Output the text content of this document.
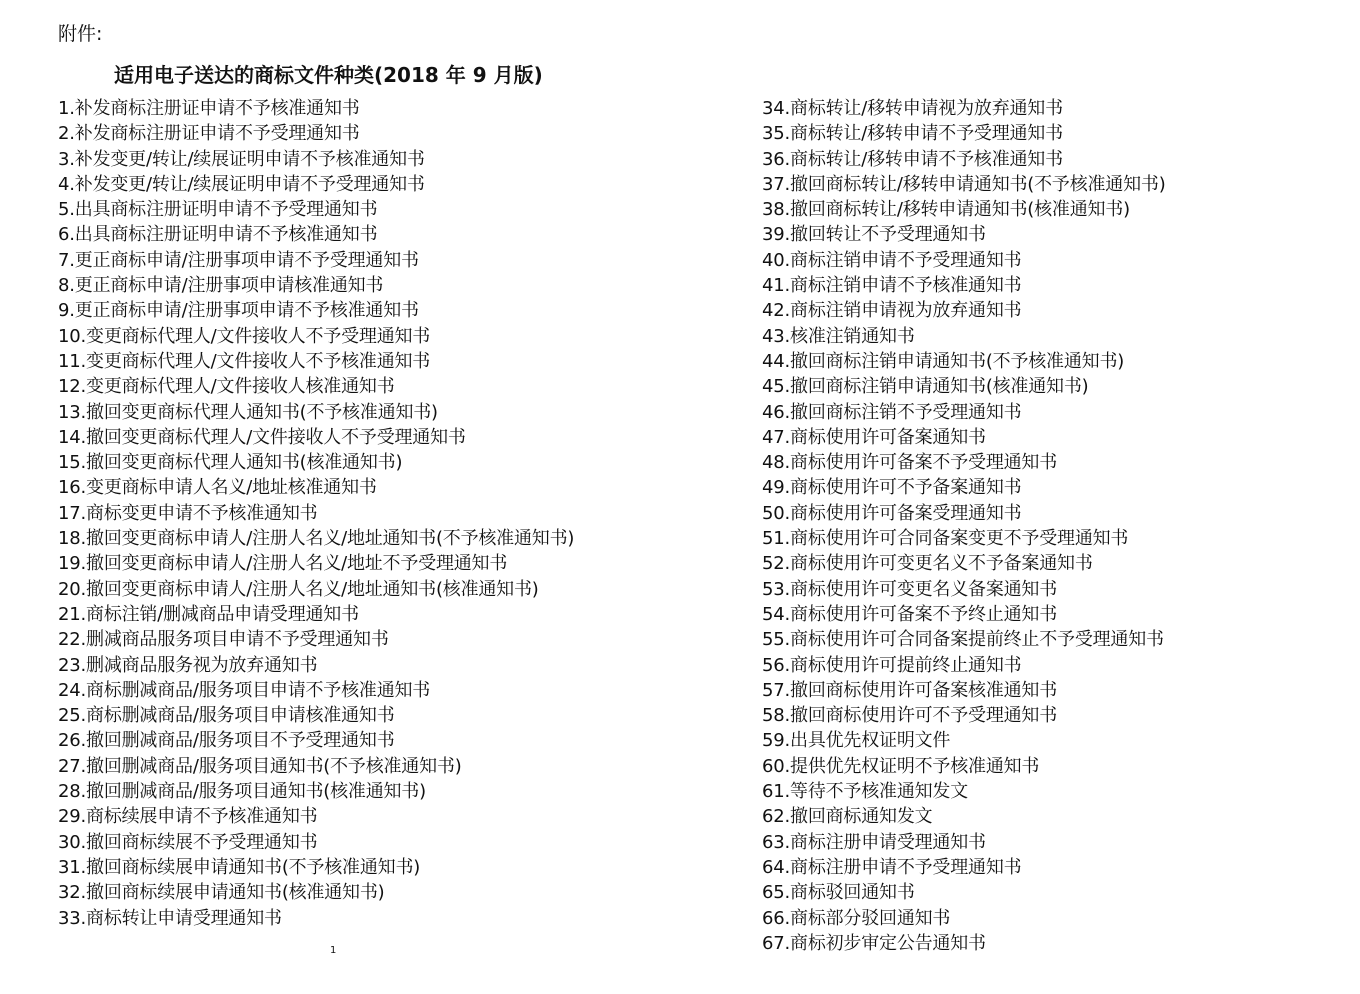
附件:
适用电子送达的商标文件种类(2018 年 9 月版)
1.补发商标注册证申请不予核准通知书
2.补发商标注册证申请不予受理通知书
3.补发变更/转让/续展证明申请不予核准通知书
4.补发变更/转让/续展证明申请不予受理通知书
5.出具商标注册证明申请不予受理通知书
6.出具商标注册证明申请不予核准通知书
7.更正商标申请/注册事项申请不予受理通知书
8.更正商标申请/注册事项申请核准通知书
9.更正商标申请/注册事项申请不予核准通知书
10.变更商标代理人/文件接收人不予受理通知书
11.变更商标代理人/文件接收人不予核准通知书
12.变更商标代理人/文件接收人核准通知书
13.撤回变更商标代理人通知书(不予核准通知书)
14.撤回变更商标代理人/文件接收人不予受理通知书
15.撤回变更商标代理人通知书(核准通知书)
16.变更商标申请人名义/地址核准通知书
17.商标变更申请不予核准通知书
18.撤回变更商标申请人/注册人名义/地址通知书(不予核准通知书)
19.撤回变更商标申请人/注册人名义/地址不予受理通知书
20.撤回变更商标申请人/注册人名义/地址通知书(核准通知书)
21.商标注销/删减商品申请受理通知书
22.删减商品服务项目申请不予受理通知书
23.删减商品服务视为放弃通知书
24.商标删减商品/服务项目申请不予核准通知书
25.商标删减商品/服务项目申请核准通知书
26.撤回删减商品/服务项目不予受理通知书
27.撤回删减商品/服务项目通知书(不予核准通知书)
28.撤回删减商品/服务项目通知书(核准通知书)
29.商标续展申请不予核准通知书
30.撤回商标续展不予受理通知书
31.撤回商标续展申请通知书(不予核准通知书)
32.撤回商标续展申请通知书(核准通知书)
33.商标转让申请受理通知书
34.商标转让/移转申请视为放弃通知书
35.商标转让/移转申请不予受理通知书
36.商标转让/移转申请不予核准通知书
37.撤回商标转让/移转申请通知书(不予核准通知书)
38.撤回商标转让/移转申请通知书(核准通知书)
39.撤回转让不予受理通知书
40.商标注销申请不予受理通知书
41.商标注销申请不予核准通知书
42.商标注销申请视为放弃通知书
43.核准注销通知书
44.撤回商标注销申请通知书(不予核准通知书)
45.撤回商标注销申请通知书(核准通知书)
46.撤回商标注销不予受理通知书
47.商标使用许可备案通知书
48.商标使用许可备案不予受理通知书
49.商标使用许可不予备案通知书
50.商标使用许可备案受理通知书
51.商标使用许可合同备案变更不予受理通知书
52.商标使用许可变更名义不予备案通知书
53.商标使用许可变更名义备案通知书
54.商标使用许可备案不予终止通知书
55.商标使用许可合同备案提前终止不予受理通知书
56.商标使用许可提前终止通知书
57.撤回商标使用许可备案核准通知书
58.撤回商标使用许可不予受理通知书
59.出具优先权证明文件
60.提供优先权证明不予核准通知书
61.等待不予核准通知发文
62.撤回商标通知发文
63.商标注册申请受理通知书
64.商标注册申请不予受理通知书
65.商标驳回通知书
66.商标部分驳回通知书
67.商标初步审定公告通知书
1
